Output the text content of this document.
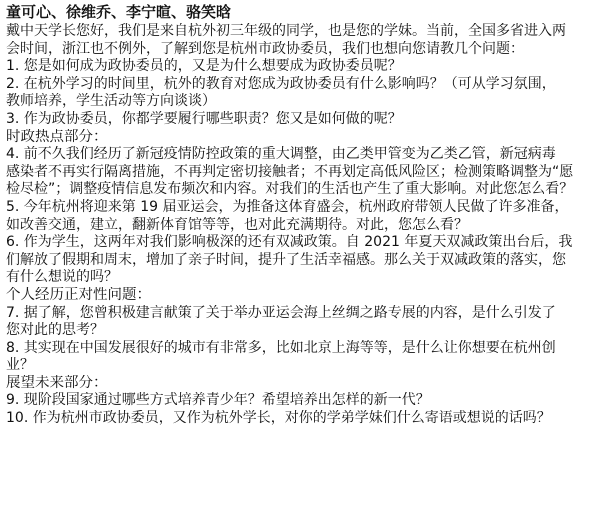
童可心、徐维乔、李宁暄、骆笑晗
戴中天学长您好，我们是来自杭外初三年级的同学，也是您的学妹。当前，全国多省进入两
会时间，浙江也不例外，了解到您是杭州市政协委员，我们也想向您请教几个问题：
1. 您是如何成为政协委员的，又是为什么想要成为政协委员呢？
2. 在杭外学习的时间里，杭外的教育对您成为政协委员有什么影响吗？（可从学习氛围，
教师培养，学生活动等方向谈谈）
3. 作为政协委员，你都学要履行哪些职责？您又是如何做的呢？
时政热点部分：
4. 前不久我们经历了新冠疫情防控政策的重大调整，由乙类甲管变为乙类乙管，新冠病毒
感染者不再实行隔离措施，不再判定密切接触者；不再划定高低风险区；检测策略调整为“愿
检尽检”；调整疫情信息发布频次和内容。对我们的生活也产生了重大影响。对此您怎么看？
5. 今年杭州将迎来第 19 届亚运会，为推备这体育盛会，杭州政府带领人民做了许多准备，
如改善交通，建立，翻新体育馆等等，也对此充满期待。对此，您怎么看？
6. 作为学生，这两年对我们影响极深的还有双减政策。自 2021 年夏天双减政策出台后，我
们解放了假期和周末，增加了亲子时间，提升了生活幸福感。那么关于双减政策的落实，您
有什么想说的吗？
个人经历正对性问题：
7. 据了解，您曾积极建言献策了关于举办亚运会海上丝绸之路专展的内容，是什么引发了
您对此的思考？
8. 其实现在中国发展很好的城市有非常多，比如北京上海等等，是什么让你想要在杭州创
业？
展望未来部分：
9. 现阶段国家通过哪些方式培养青少年？希望培养出怎样的新一代？
10. 作为杭州市政协委员，又作为杭外学长，对你的学弟学妹们什么寄语或想说的话吗？
